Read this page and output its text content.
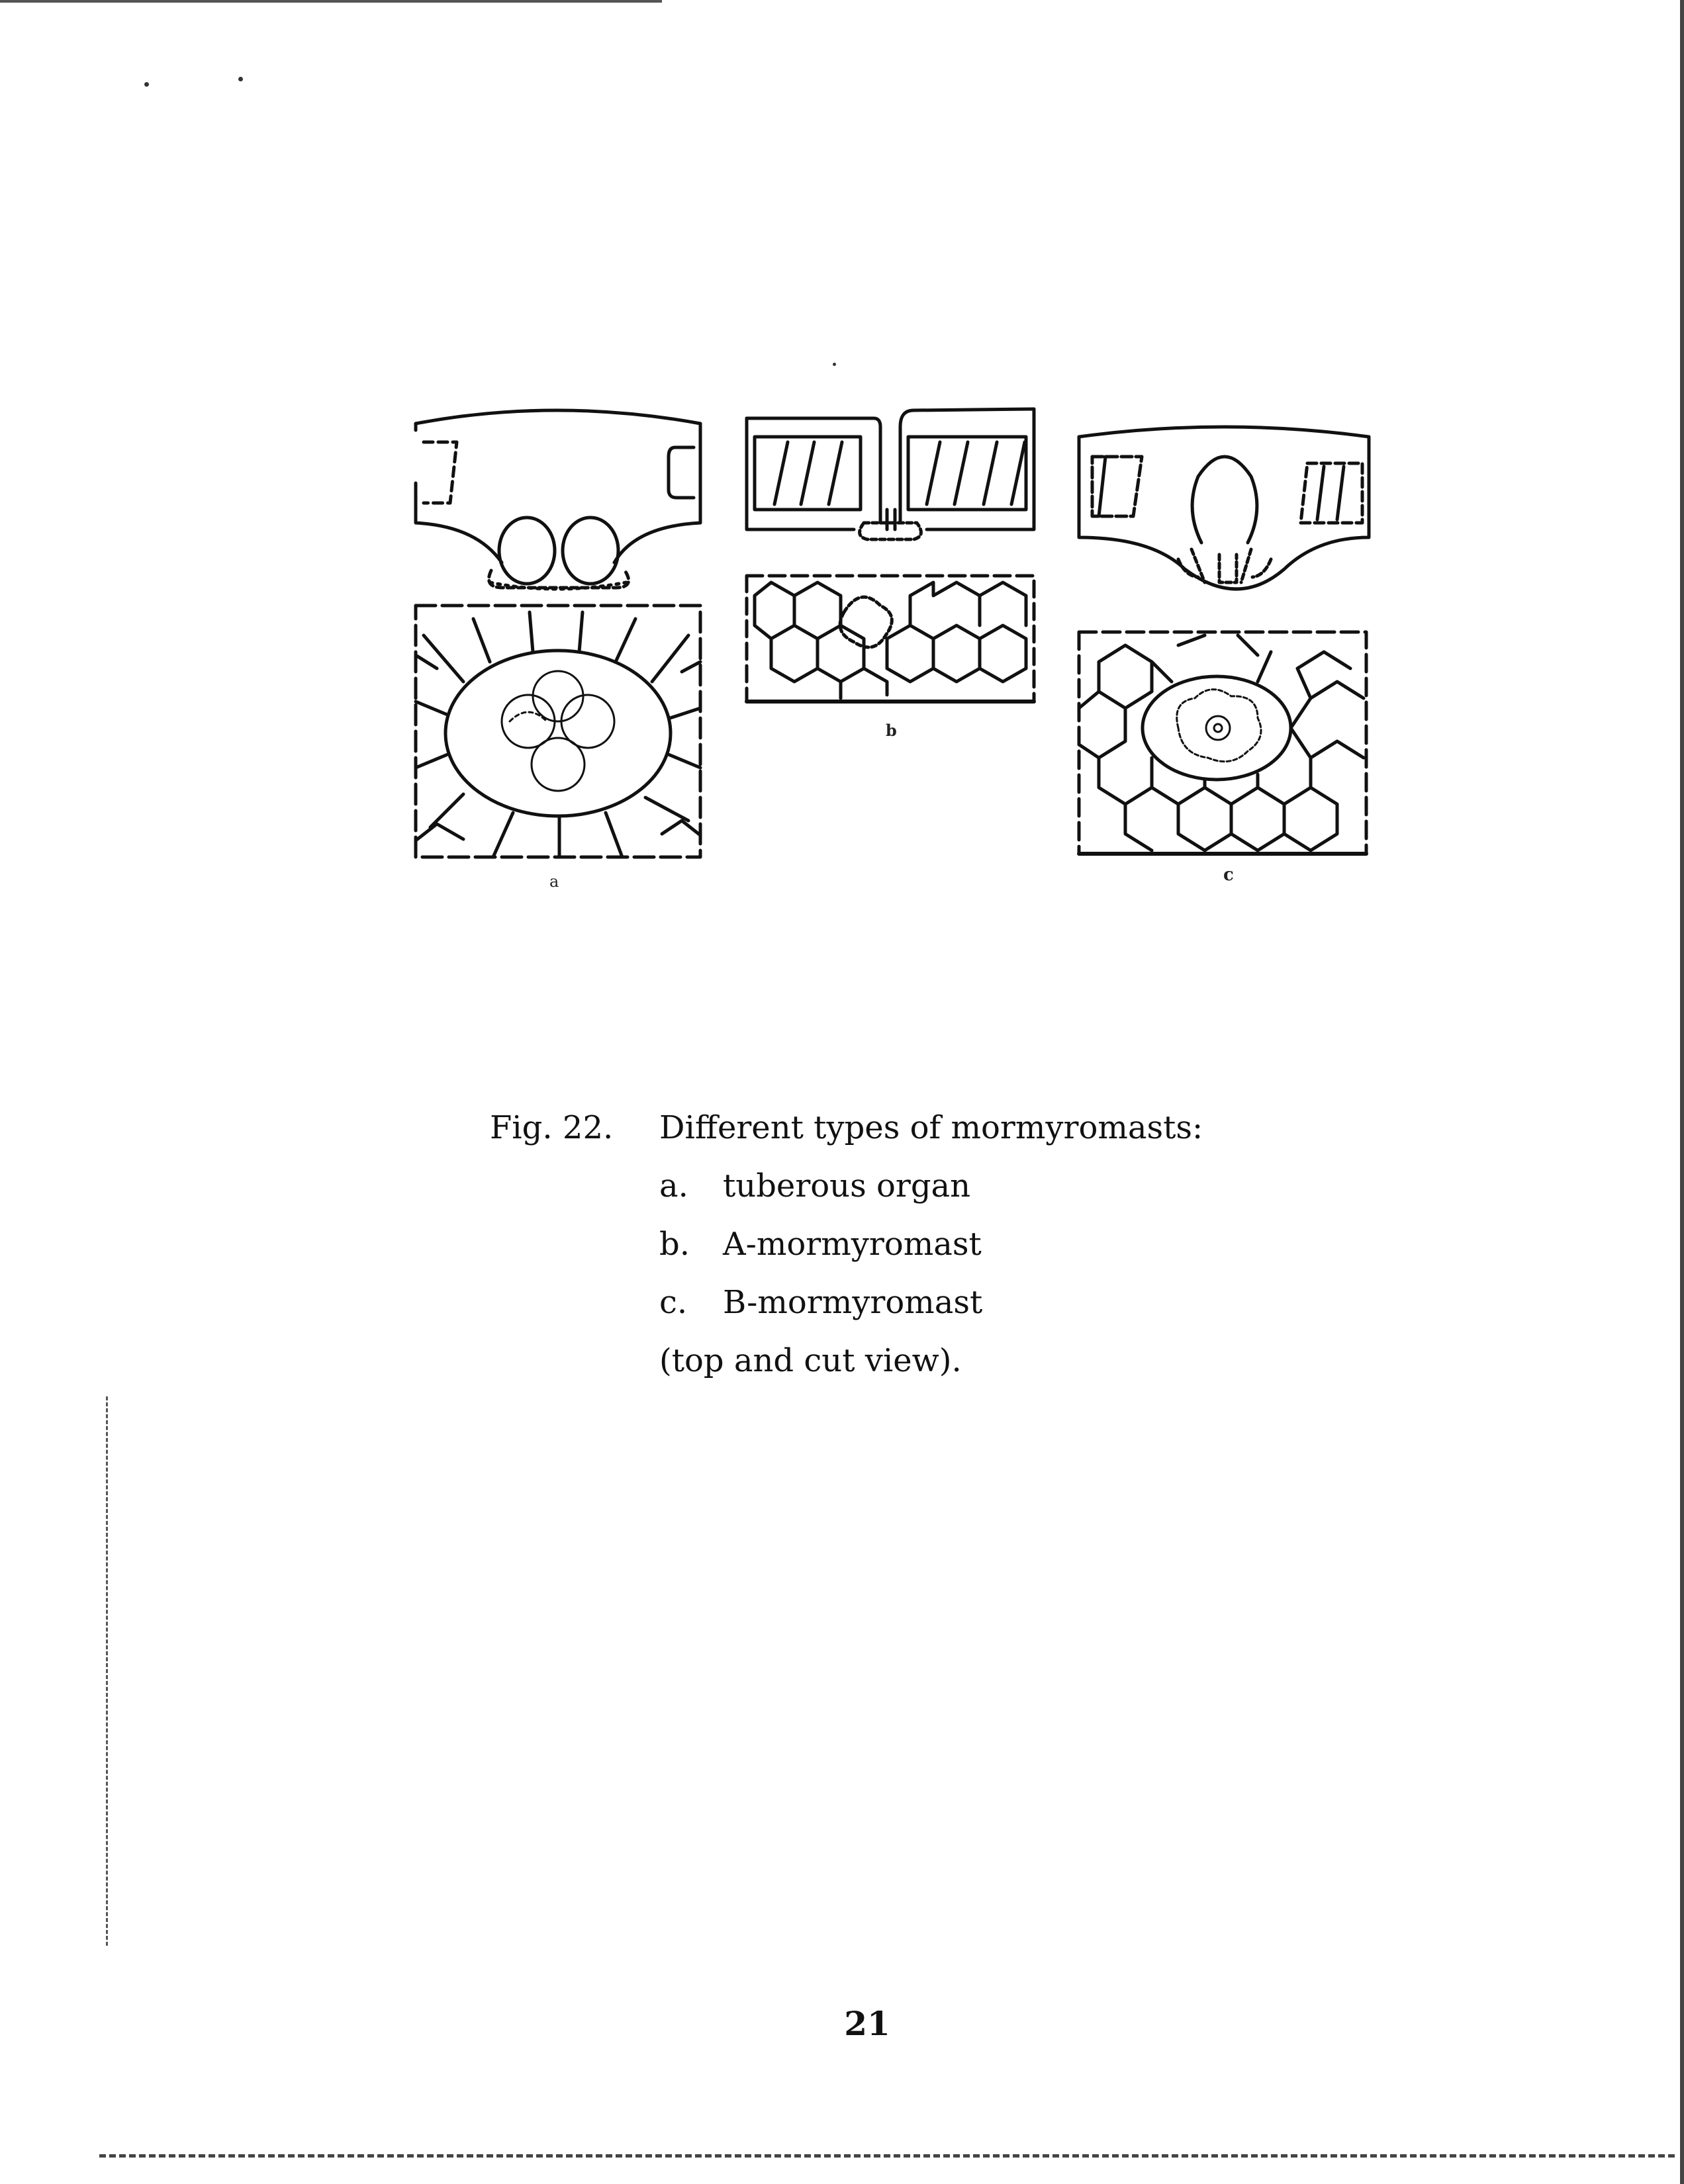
a
b
c
Fig. 22.	Different types of mormyromasts:
a. tuberous organ
b. A-mormyromast
c. B-mormyromast
(top and cut view).
21
